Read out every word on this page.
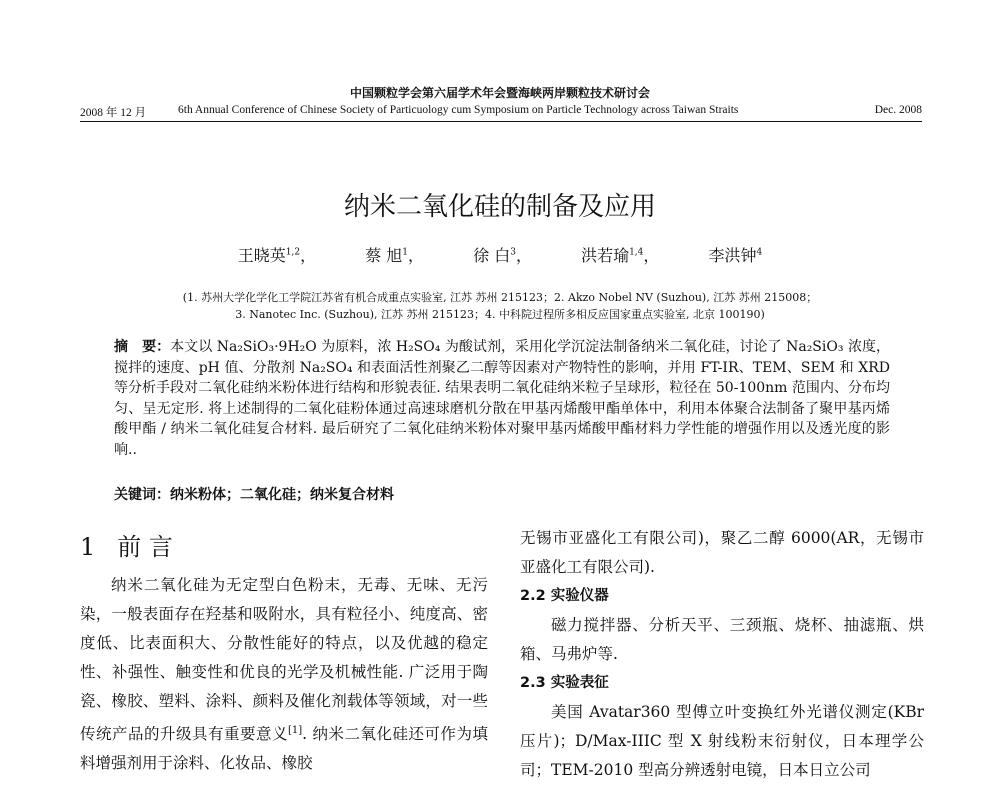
中国颗粒学会第六届学术年会暨海峡两岸颗粒技术研讨会
2008 年 12 月	6th Annual Conference of Chinese Society of Particuology cum Symposium on Particle Technology across Taiwan Straits	Dec. 2008
纳米二氧化硅的制备及应用
王晓英$^{1,2}$，	蔡 旭$^1$，	徐 白$^3$，	洪若瑜$^{1,4}$，	李洪钟$^4$
(1. 苏州大学化学化工学院江苏省有机合成重点实验室, 江苏 苏州 215123；2. Akzo Nobel NV (Suzhou), 江苏 苏州 215008；
3. Nanotec Inc. (Suzhou), 江苏 苏州 215123；4. 中科院过程所多相反应国家重点实验室, 北京 100190)
摘　要：本文以 Na₂SiO₃·9H₂O 为原料，浓 H₂SO₄ 为酸试剂，采用化学沉淀法制备纳米二氧化硅，讨论了 Na₂SiO₃ 浓度，搅拌的速度、pH 值、分散剂 Na₂SO₄ 和表面活性剂聚乙二醇等因素对产物特性的影响，并用 FT-IR、TEM、SEM 和 XRD 等分析手段对二氧化硅纳米粉体进行结构和形貌表征. 结果表明二氧化硅纳米粒子呈球形，粒径在 50-100nm 范围内、分布均匀、呈无定形. 将上述制得的二氧化硅粉体通过高速球磨机分散在甲基丙烯酸甲酯单体中，利用本体聚合法制备了聚甲基丙烯酸甲酯 / 纳米二氧化硅复合材料. 最后研究了二氧化硅纳米粉体对聚甲基丙烯酸甲酯材料力学性能的增强作用以及透光度的影响..
关键词：纳米粉体；二氧化硅；纳米复合材料
1 前 言

纳米二氧化硅为无定型白色粉末，无毒、无味、无污染，一般表面存在羟基和吸附水，具有粒径小、纯度高、密度低、比表面积大、分散性能好的特点，以及优越的稳定性、补强性、触变性和优良的光学及机械性能. 广泛用于陶瓷、橡胶、塑料、涂料、颜料及催化剂载体等领域，对一些传统产品的升级具有重要意义[1]. 纳米二氧化硅还可作为填料增强剂用于涂料、化妆品、橡胶

无锡市亚盛化工有限公司)，聚乙二醇 6000(AR，无锡市亚盛化工有限公司).

2.2 实验仪器

磁力搅拌器、分析天平、三颈瓶、烧杯、抽滤瓶、烘箱、马弗炉等.

2.3 实验表征

美国 Avatar360 型傅立叶变换红外光谱仪测定(KBr 压片)；D/Max-IIIC 型 X 射线粉末衍射仪，日本理学公司；TEM-2010 型高分辨透射电镜，日本日立公司
